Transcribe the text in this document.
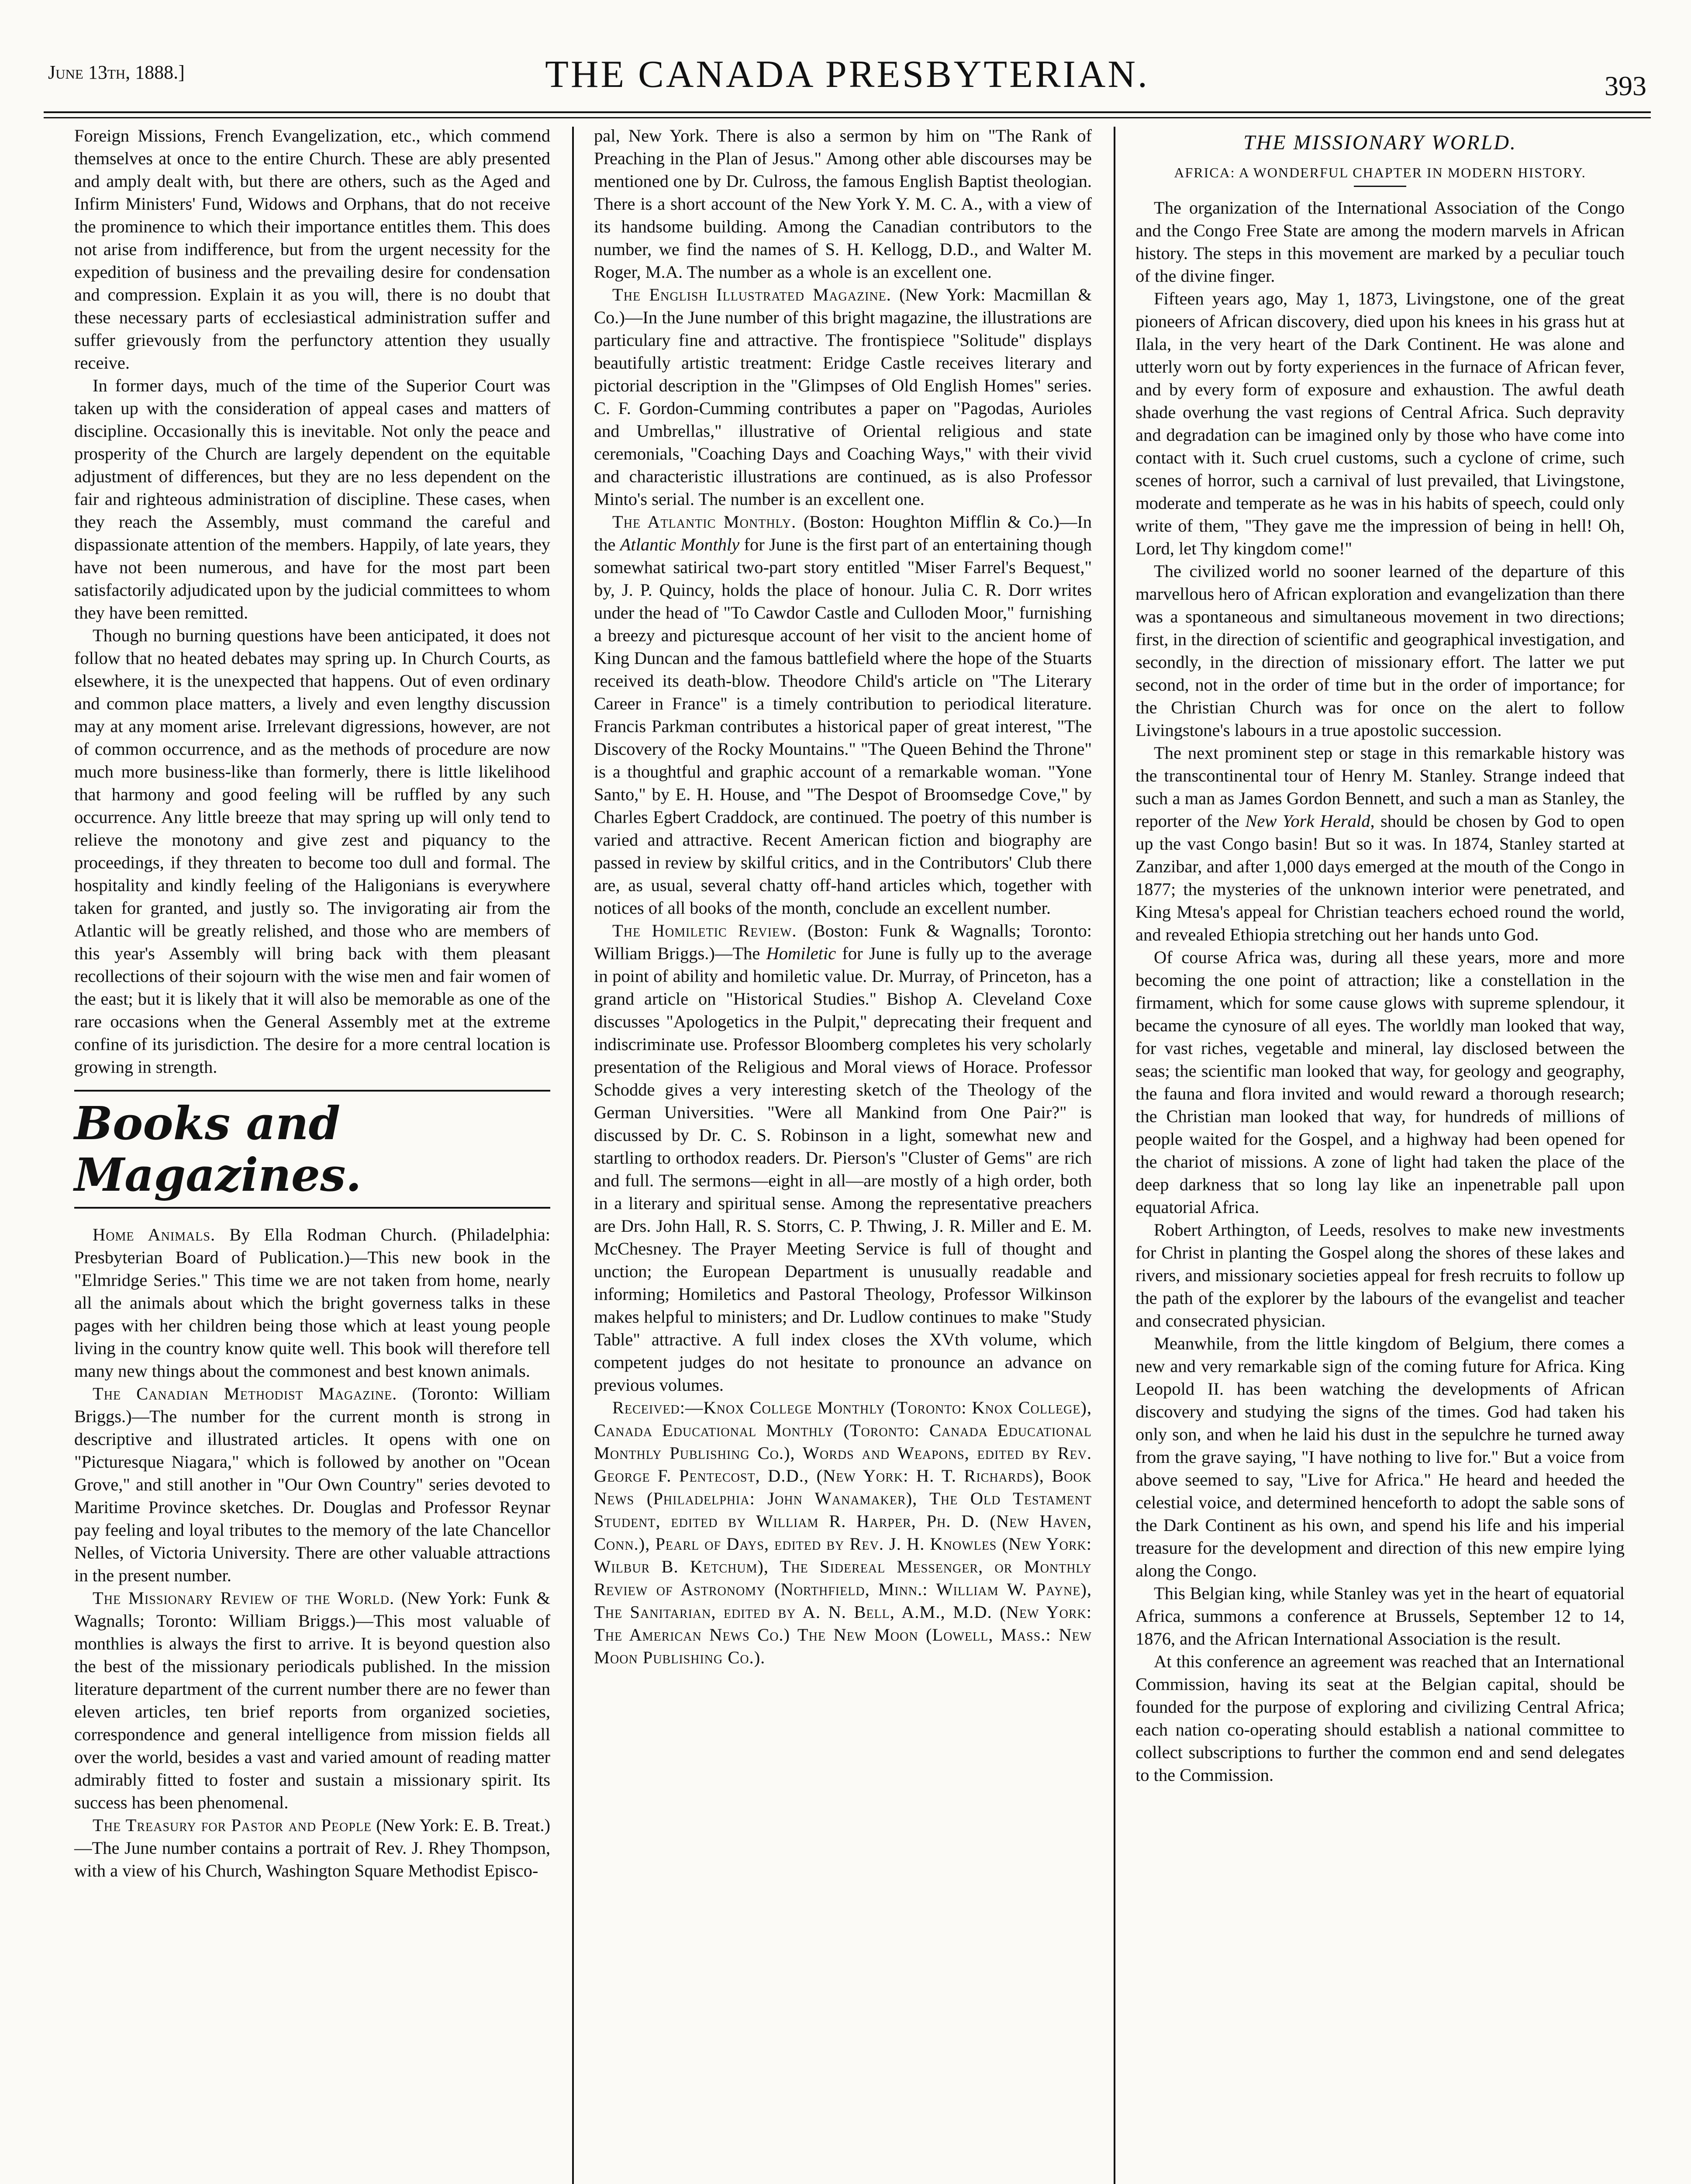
June 13th, 1888.]	THE CANADA PRESBYTERIAN.	393

Foreign Missions, French Evangelization, etc., which commend themselves at once to the entire Church. These are ably presented and amply dealt with, but there are others, such as the Aged and Infirm Ministers' Fund, Widows and Orphans, that do not receive the prominence to which their importance entitles them. This does not arise from indifference, but from the urgent necessity for the expedition of business and the prevailing desire for condensation and compression. Explain it as you will, there is no doubt that these necessary parts of ecclesiastical administration suffer and suffer grievously from the perfunctory attention they usually receive.

In former days, much of the time of the Superior Court was taken up with the consideration of appeal cases and matters of discipline. Occasionally this is inevitable. Not only the peace and prosperity of the Church are largely dependent on the equitable adjustment of differences, but they are no less dependent on the fair and righteous administration of discipline. These cases, when they reach the Assembly, must command the careful and dispassionate attention of the members. Happily, of late years, they have not been numerous, and have for the most part been satisfactorily adjudicated upon by the judicial committees to whom they have been remitted.

Though no burning questions have been anticipated, it does not follow that no heated debates may spring up. In Church Courts, as elsewhere, it is the unexpected that happens. Out of even ordinary and common place matters, a lively and even lengthy discussion may at any moment arise. Irrelevant digressions, however, are not of common occurrence, and as the methods of procedure are now much more business-like than formerly, there is little likelihood that harmony and good feeling will be ruffled by any such occurrence. Any little breeze that may spring up will only tend to relieve the monotony and give zest and piquancy to the proceedings, if they threaten to become too dull and formal. The hospitality and kindly feeling of the Haligonians is everywhere taken for granted, and justly so. The invigorating air from the Atlantic will be greatly relished, and those who are members of this year's Assembly will bring back with them pleasant recollections of their sojourn with the wise men and fair women of the east; but it is likely that it will also be memorable as one of the rare occasions when the General Assembly met at the extreme confine of its jurisdiction. The desire for a more central location is growing in strength.

Books and Magazines.

Home Animals. By Ella Rodman Church. (Philadelphia: Presbyterian Board of Publication.)—This new book in the "Elmridge Series." This time we are not taken from home, nearly all the animals about which the bright governess talks in these pages with her children being those which at least young people living in the country know quite well. This book will therefore tell many new things about the commonest and best known animals.

The Canadian Methodist Magazine. (Toronto: William Briggs.)—The number for the current month is strong in descriptive and illustrated articles. It opens with one on "Picturesque Niagara," which is followed by another on "Ocean Grove," and still another in "Our Own Country" series devoted to Maritime Province sketches. Dr. Douglas and Professor Reynar pay feeling and loyal tributes to the memory of the late Chancellor Nelles, of Victoria University. There are other valuable attractions in the present number.

The Missionary Review of the World. (New York: Funk & Wagnalls; Toronto: William Briggs.)—This most valuable of monthlies is always the first to arrive. It is beyond question also the best of the missionary periodicals published. In the mission literature department of the current number there are no fewer than eleven articles, ten brief reports from organized societies, correspondence and general intelligence from mission fields all over the world, besides a vast and varied amount of reading matter admirably fitted to foster and sustain a missionary spirit. Its success has been phenomenal.

The Treasury for Pastor and People (New York: E. B. Treat.)—The June number contains a portrait of Rev. J. Rhey Thompson, with a view of his Church, Washington Square Methodist Episco-

pal, New York. There is also a sermon by him on "The Rank of Preaching in the Plan of Jesus." Among other able discourses may be mentioned one by Dr. Culross, the famous English Baptist theologian. There is a short account of the New York Y. M. C. A., with a view of its handsome building. Among the Canadian contributors to the number, we find the names of S. H. Kellogg, D.D., and Walter M. Roger, M.A. The number as a whole is an excellent one.

The English Illustrated Magazine. (New York: Macmillan & Co.)—In the June number of this bright magazine, the illustrations are particulary fine and attractive. The frontispiece "Solitude" displays beautifully artistic treatment: Eridge Castle receives literary and pictorial description in the "Glimpses of Old English Homes" series. C. F. Gordon-Cumming contributes a paper on "Pagodas, Aurioles and Umbrellas," illustrative of Oriental religious and state ceremonials, "Coaching Days and Coaching Ways," with their vivid and characteristic illustrations are continued, as is also Professor Minto's serial. The number is an excellent one.

The Atlantic Monthly. (Boston: Houghton Mifflin & Co.)—In the Atlantic Monthly for June is the first part of an entertaining though somewhat satirical two-part story entitled "Miser Farrel's Bequest," by, J. P. Quincy, holds the place of honour. Julia C. R. Dorr writes under the head of "To Cawdor Castle and Culloden Moor," furnishing a breezy and picturesque account of her visit to the ancient home of King Duncan and the famous battlefield where the hope of the Stuarts received its death-blow. Theodore Child's article on "The Literary Career in France" is a timely contribution to periodical literature. Francis Parkman contributes a historical paper of great interest, "The Discovery of the Rocky Mountains." "The Queen Behind the Throne" is a thoughtful and graphic account of a remarkable woman. "Yone Santo," by E. H. House, and "The Despot of Broomsedge Cove," by Charles Egbert Craddock, are continued. The poetry of this number is varied and attractive. Recent American fiction and biography are passed in review by skilful critics, and in the Contributors' Club there are, as usual, several chatty off-hand articles which, together with notices of all books of the month, conclude an excellent number.

The Homiletic Review. (Boston: Funk & Wagnalls; Toronto: William Briggs.)—The Homiletic for June is fully up to the average in point of ability and homiletic value. Dr. Murray, of Princeton, has a grand article on "Historical Studies." Bishop A. Cleveland Coxe discusses "Apologetics in the Pulpit," deprecating their frequent and indiscriminate use. Professor Bloomberg completes his very scholarly presentation of the Religious and Moral views of Horace. Professor Schodde gives a very interesting sketch of the Theology of the German Universities. "Were all Mankind from One Pair?" is discussed by Dr. C. S. Robinson in a light, somewhat new and startling to orthodox readers. Dr. Pierson's "Cluster of Gems" are rich and full. The sermons—eight in all—are mostly of a high order, both in a literary and spiritual sense. Among the representative preachers are Drs. John Hall, R. S. Storrs, C. P. Thwing, J. R. Miller and E. M. McChesney. The Prayer Meeting Service is full of thought and unction; the European Department is unusually readable and informing; Homiletics and Pastoral Theology, Professor Wilkinson makes helpful to ministers; and Dr. Ludlow continues to make "Study Table" attractive. A full index closes the XVth volume, which competent judges do not hesitate to pronounce an advance on previous volumes.

Received:—Knox College Monthly (Toronto: Knox College), Canada Educational Monthly (Toronto: Canada Educational Monthly Publishing Co.), Words and Weapons, edited by Rev. George F. Pentecost, D.D., (New York: H. T. Richards), Book News (Philadelphia: John Wanamaker), The Old Testament Student, edited by William R. Harper, Ph. D. (New Haven, Conn.), Pearl of Days, edited by Rev. J. H. Knowles (New York: Wilbur B. Ketchum), The Sidereal Messenger, or Monthly Review of Astronomy (Northfield, Minn.: William W. Payne), The Sanitarian, edited by A. N. Bell, A.M., M.D. (New York: The American News Co.) The New Moon (Lowell, Mass.: New Moon Publishing Co.).

THE MISSIONARY WORLD.
AFRICA: A WONDERFUL CHAPTER IN MODERN HISTORY.

The organization of the International Association of the Congo and the Congo Free State are among the modern marvels in African history. The steps in this movement are marked by a peculiar touch of the divine finger.

Fifteen years ago, May 1, 1873, Livingstone, one of the great pioneers of African discovery, died upon his knees in his grass hut at Ilala, in the very heart of the Dark Continent. He was alone and utterly worn out by forty experiences in the furnace of African fever, and by every form of exposure and exhaustion. The awful death shade overhung the vast regions of Central Africa. Such depravity and degradation can be imagined only by those who have come into contact with it. Such cruel customs, such a cyclone of crime, such scenes of horror, such a carnival of lust prevailed, that Livingstone, moderate and temperate as he was in his habits of speech, could only write of them, "They gave me the impression of being in hell! Oh, Lord, let Thy kingdom come!"

The civilized world no sooner learned of the departure of this marvellous hero of African exploration and evangelization than there was a spontaneous and simultaneous movement in two directions; first, in the direction of scientific and geographical investigation, and secondly, in the direction of missionary effort. The latter we put second, not in the order of time but in the order of importance; for the Christian Church was for once on the alert to follow Livingstone's labours in a true apostolic succession.

The next prominent step or stage in this remarkable history was the transcontinental tour of Henry M. Stanley. Strange indeed that such a man as James Gordon Bennett, and such a man as Stanley, the reporter of the New York Herald, should be chosen by God to open up the vast Congo basin! But so it was. In 1874, Stanley started at Zanzibar, and after 1,000 days emerged at the mouth of the Congo in 1877; the mysteries of the unknown interior were penetrated, and King Mtesa's appeal for Christian teachers echoed round the world, and revealed Ethiopia stretching out her hands unto God.

Of course Africa was, during all these years, more and more becoming the one point of attraction; like a constellation in the firmament, which for some cause glows with supreme splendour, it became the cynosure of all eyes. The worldly man looked that way, for vast riches, vegetable and mineral, lay disclosed between the seas; the scientific man looked that way, for geology and geography, the fauna and flora invited and would reward a thorough research; the Christian man looked that way, for hundreds of millions of people waited for the Gospel, and a highway had been opened for the chariot of missions. A zone of light had taken the place of the deep darkness that so long lay like an inpenetrable pall upon equatorial Africa.

Robert Arthington, of Leeds, resolves to make new investments for Christ in planting the Gospel along the shores of these lakes and rivers, and missionary societies appeal for fresh recruits to follow up the path of the explorer by the labours of the evangelist and teacher and consecrated physician.

Meanwhile, from the little kingdom of Belgium, there comes a new and very remarkable sign of the coming future for Africa. King Leopold II. has been watching the developments of African discovery and studying the signs of the times. God had taken his only son, and when he laid his dust in the sepulchre he turned away from the grave saying, "I have nothing to live for." But a voice from above seemed to say, "Live for Africa." He heard and heeded the celestial voice, and determined henceforth to adopt the sable sons of the Dark Continent as his own, and spend his life and his imperial treasure for the development and direction of this new empire lying along the Congo.

This Belgian king, while Stanley was yet in the heart of equatorial Africa, summons a conference at Brussels, September 12 to 14, 1876, and the African International Association is the result.

At this conference an agreement was reached that an International Commission, having its seat at the Belgian capital, should be founded for the purpose of exploring and civilizing Central Africa; each nation co-operating should establish a national committee to collect subscriptions to further the common end and send delegates to the Commission.
